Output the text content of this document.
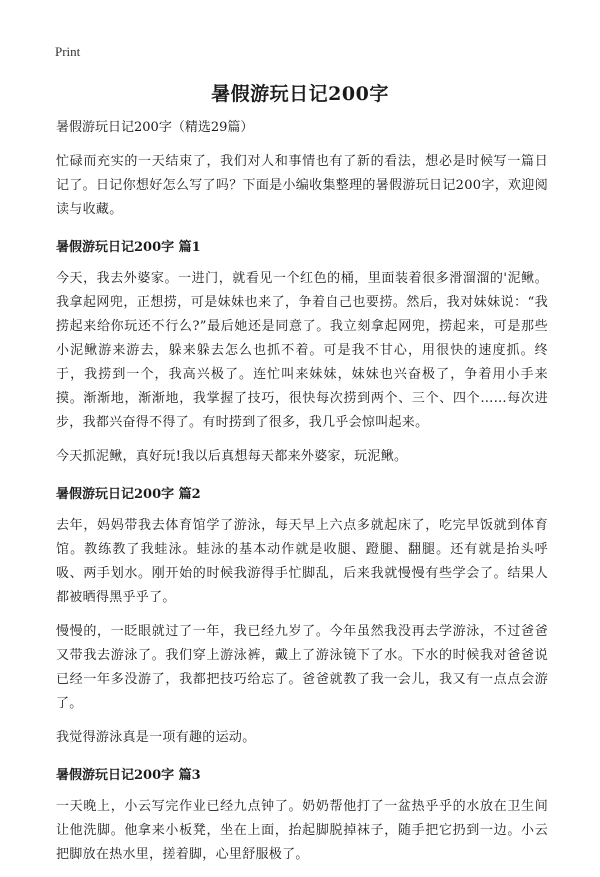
Print
暑假游玩日记200字
暑假游玩日记200字（精选29篇）

忙碌而充实的一天结束了，我们对人和事情也有了新的看法，想必是时候写一篇日记了。日记你想好怎么写了吗？下面是小编收集整理的暑假游玩日记200字，欢迎阅读与收藏。

暑假游玩日记200字 篇1

今天，我去外婆家。一进门，就看见一个红色的桶，里面装着很多滑溜溜的'泥鳅。我拿起网兜，正想捞，可是妹妹也来了，争着自己也要捞。然后，我对妹妹说：“我捞起来给你玩还不行么?”最后她还是同意了。我立刻拿起网兜，捞起来，可是那些小泥鳅游来游去，躲来躲去怎么也抓不着。可是我不甘心，用很快的速度抓。终于，我捞到一个，我高兴极了。连忙叫来妹妹，妹妹也兴奋极了，争着用小手来摸。渐渐地，渐渐地，我掌握了技巧，很快每次捞到两个、三个、四个……每次进步，我都兴奋得不得了。有时捞到了很多，我几乎会惊叫起来。

今天抓泥鳅，真好玩!我以后真想每天都来外婆家，玩泥鳅。

暑假游玩日记200字 篇2

去年，妈妈带我去体育馆学了游泳，每天早上六点多就起床了，吃完早饭就到体育馆。教练教了我蛙泳。蛙泳的基本动作就是收腿、蹬腿、翻腿。还有就是抬头呼吸、两手划水。刚开始的时候我游得手忙脚乱，后来我就慢慢有些学会了。结果人都被晒得黑乎乎了。

慢慢的，一眨眼就过了一年，我已经九岁了。今年虽然我没再去学游泳，不过爸爸又带我去游泳了。我们穿上游泳裤，戴上了游泳镜下了水。下水的时候我对爸爸说已经一年多没游了，我都把技巧给忘了。爸爸就教了我一会儿，我又有一点点会游了。

我觉得游泳真是一项有趣的运动。

暑假游玩日记200字 篇3

一天晚上，小云写完作业已经九点钟了。奶奶帮他打了一盆热乎乎的水放在卫生间让他洗脚。他拿来小板凳，坐在上面，抬起脚脱掉袜子，随手把它扔到一边。小云把脚放在热水里，搓着脚，心里舒服极了。
